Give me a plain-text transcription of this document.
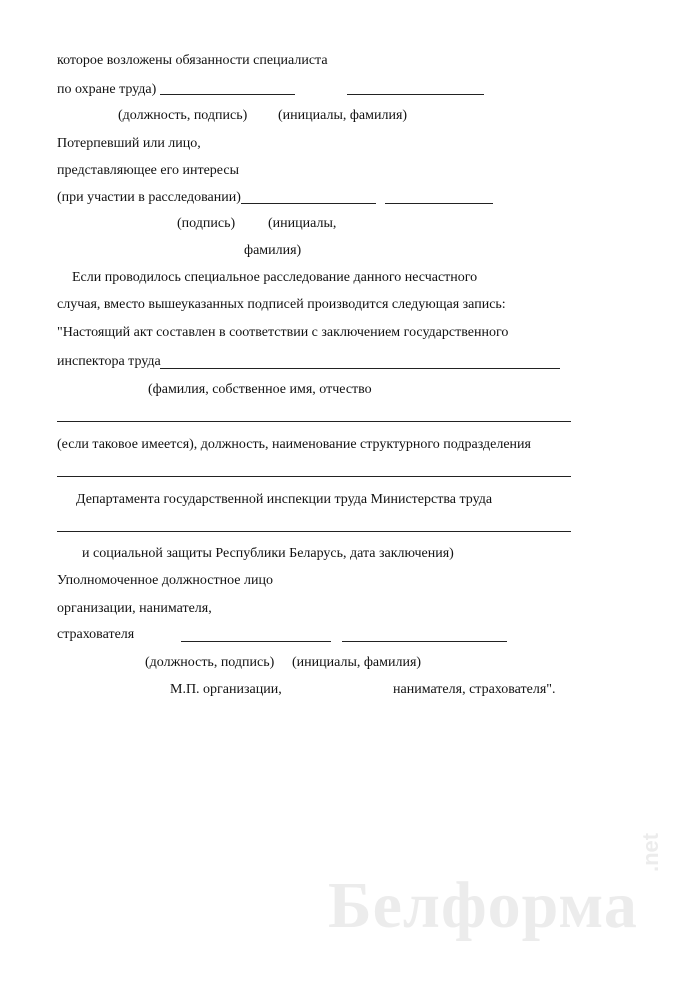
которое возложены обязанности специалиста
по охране труда)
(должность, подпись) (инициалы, фамилия)
Потерпевший или лицо,
представляющее его интересы
(при участии в расследовании)
(подпись) (инициалы,
фамилия)
Если проводилось специальное расследование данного несчастного
случая, вместо вышеуказанных подписей производится следующая запись:
"Настоящий акт составлен в соответствии с заключением государственного
инспектора труда
(фамилия, собственное имя, отчество
(если таковое имеется), должность, наименование структурного подразделения
Департамента государственной инспекции труда Министерства труда
и социальной защиты Республики Беларусь, дата заключения)
Уполномоченное должностное лицо
организации, нанимателя,
страхователя
(должность, подпись) (инициалы, фамилия)
М.П. организации,	нанимателя, страхователя".
Белформа
.net
